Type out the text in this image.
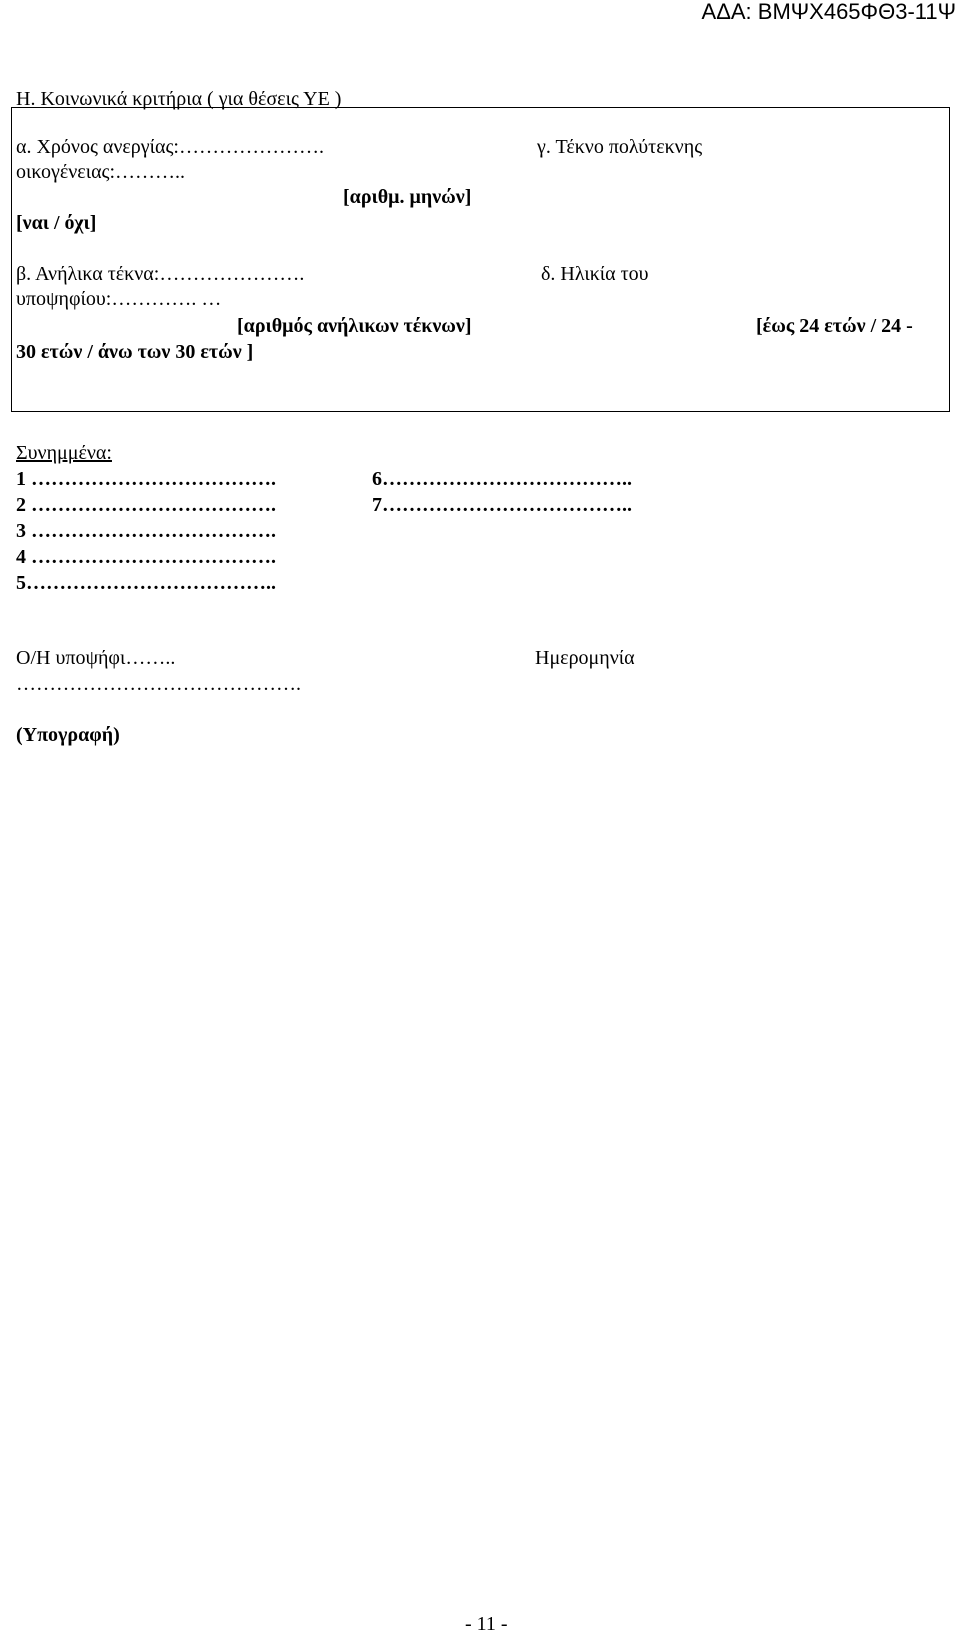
ΑΔΑ: ΒΜΨΧ465ΦΘ3-11Ψ
Η. Κοινωνικά κριτήρια ( για θέσεις ΥΕ )
α. Χρόνος ανεργίας:………………….	γ. Τέκνο πολύτεκνης
οικογένειας:………..
[αριθμ. μηνών]
[ναι / όχι]
β. Ανήλικα τέκνα:………………….	δ. Ηλικία του
υποψηφίου:…………. …
[αριθμός ανήλικων τέκνων]	[έως 24 ετών / 24 -
30 ετών / άνω των 30 ετών ]
Συνημμένα:
1 ……………………………….	6………………………………..
2 ……………………………….	7………………………………..
3 ……………………………….
4 ……………………………….
5………………………………..
Ο/Η υποψήφι……..	Ημερομηνία
…………………………………….
(Υπογραφή)
- 11 -
